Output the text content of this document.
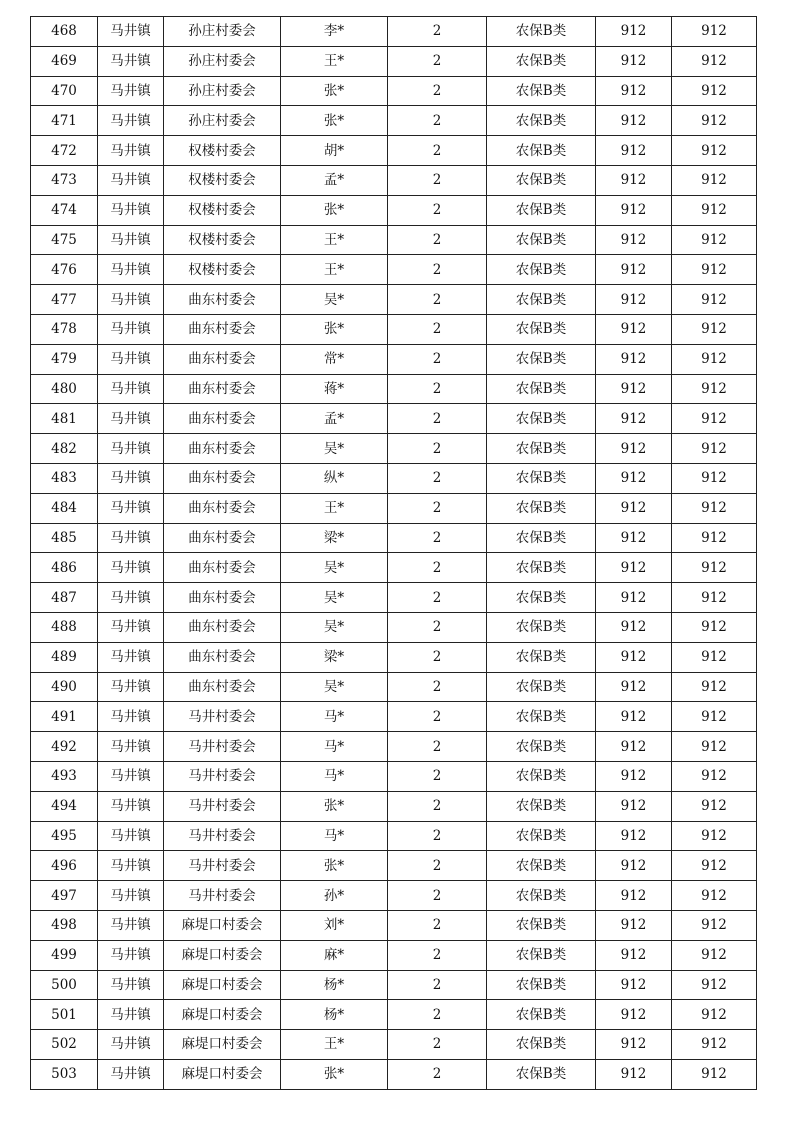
468	马井镇	孙庄村委会	李*	2	农保B类	912	912
469	马井镇	孙庄村委会	王*	2	农保B类	912	912
470	马井镇	孙庄村委会	张*	2	农保B类	912	912
471	马井镇	孙庄村委会	张*	2	农保B类	912	912
472	马井镇	权楼村委会	胡*	2	农保B类	912	912
473	马井镇	权楼村委会	孟*	2	农保B类	912	912
474	马井镇	权楼村委会	张*	2	农保B类	912	912
475	马井镇	权楼村委会	王*	2	农保B类	912	912
476	马井镇	权楼村委会	王*	2	农保B类	912	912
477	马井镇	曲东村委会	吴*	2	农保B类	912	912
478	马井镇	曲东村委会	张*	2	农保B类	912	912
479	马井镇	曲东村委会	常*	2	农保B类	912	912
480	马井镇	曲东村委会	蒋*	2	农保B类	912	912
481	马井镇	曲东村委会	孟*	2	农保B类	912	912
482	马井镇	曲东村委会	吴*	2	农保B类	912	912
483	马井镇	曲东村委会	纵*	2	农保B类	912	912
484	马井镇	曲东村委会	王*	2	农保B类	912	912
485	马井镇	曲东村委会	梁*	2	农保B类	912	912
486	马井镇	曲东村委会	吴*	2	农保B类	912	912
487	马井镇	曲东村委会	吴*	2	农保B类	912	912
488	马井镇	曲东村委会	吴*	2	农保B类	912	912
489	马井镇	曲东村委会	梁*	2	农保B类	912	912
490	马井镇	曲东村委会	吴*	2	农保B类	912	912
491	马井镇	马井村委会	马*	2	农保B类	912	912
492	马井镇	马井村委会	马*	2	农保B类	912	912
493	马井镇	马井村委会	马*	2	农保B类	912	912
494	马井镇	马井村委会	张*	2	农保B类	912	912
495	马井镇	马井村委会	马*	2	农保B类	912	912
496	马井镇	马井村委会	张*	2	农保B类	912	912
497	马井镇	马井村委会	孙*	2	农保B类	912	912
498	马井镇	麻堤口村委会	刘*	2	农保B类	912	912
499	马井镇	麻堤口村委会	麻*	2	农保B类	912	912
500	马井镇	麻堤口村委会	杨*	2	农保B类	912	912
501	马井镇	麻堤口村委会	杨*	2	农保B类	912	912
502	马井镇	麻堤口村委会	王*	2	农保B类	912	912
503	马井镇	麻堤口村委会	张*	2	农保B类	912	912
